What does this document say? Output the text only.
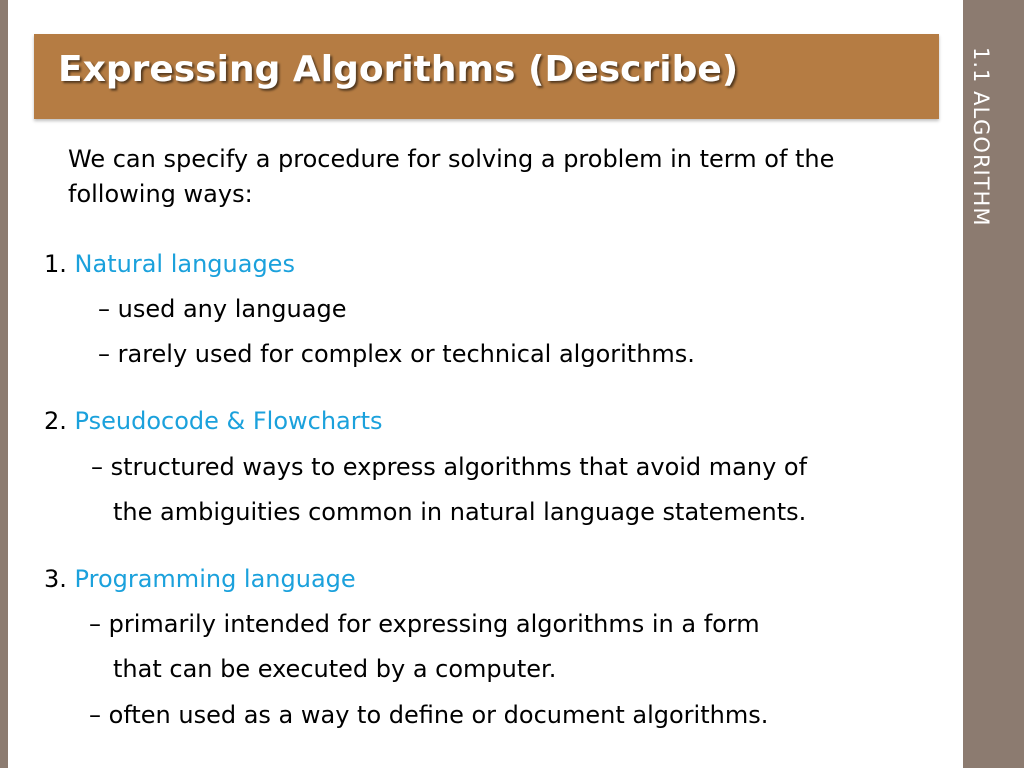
1.1 ALGORITHM
Expressing Algorithms (Describe)
We can specify a procedure for solving a problem in term of the following ways:
1. Natural languages
– used any language
– rarely used for complex or technical algorithms.
2. Pseudocode & Flowcharts
– structured ways to express algorithms that avoid many of
the ambiguities common in natural language statements.
3. Programming language
– primarily intended for expressing algorithms in a form
that can be executed by a computer.
– often used as a way to define or document algorithms.
